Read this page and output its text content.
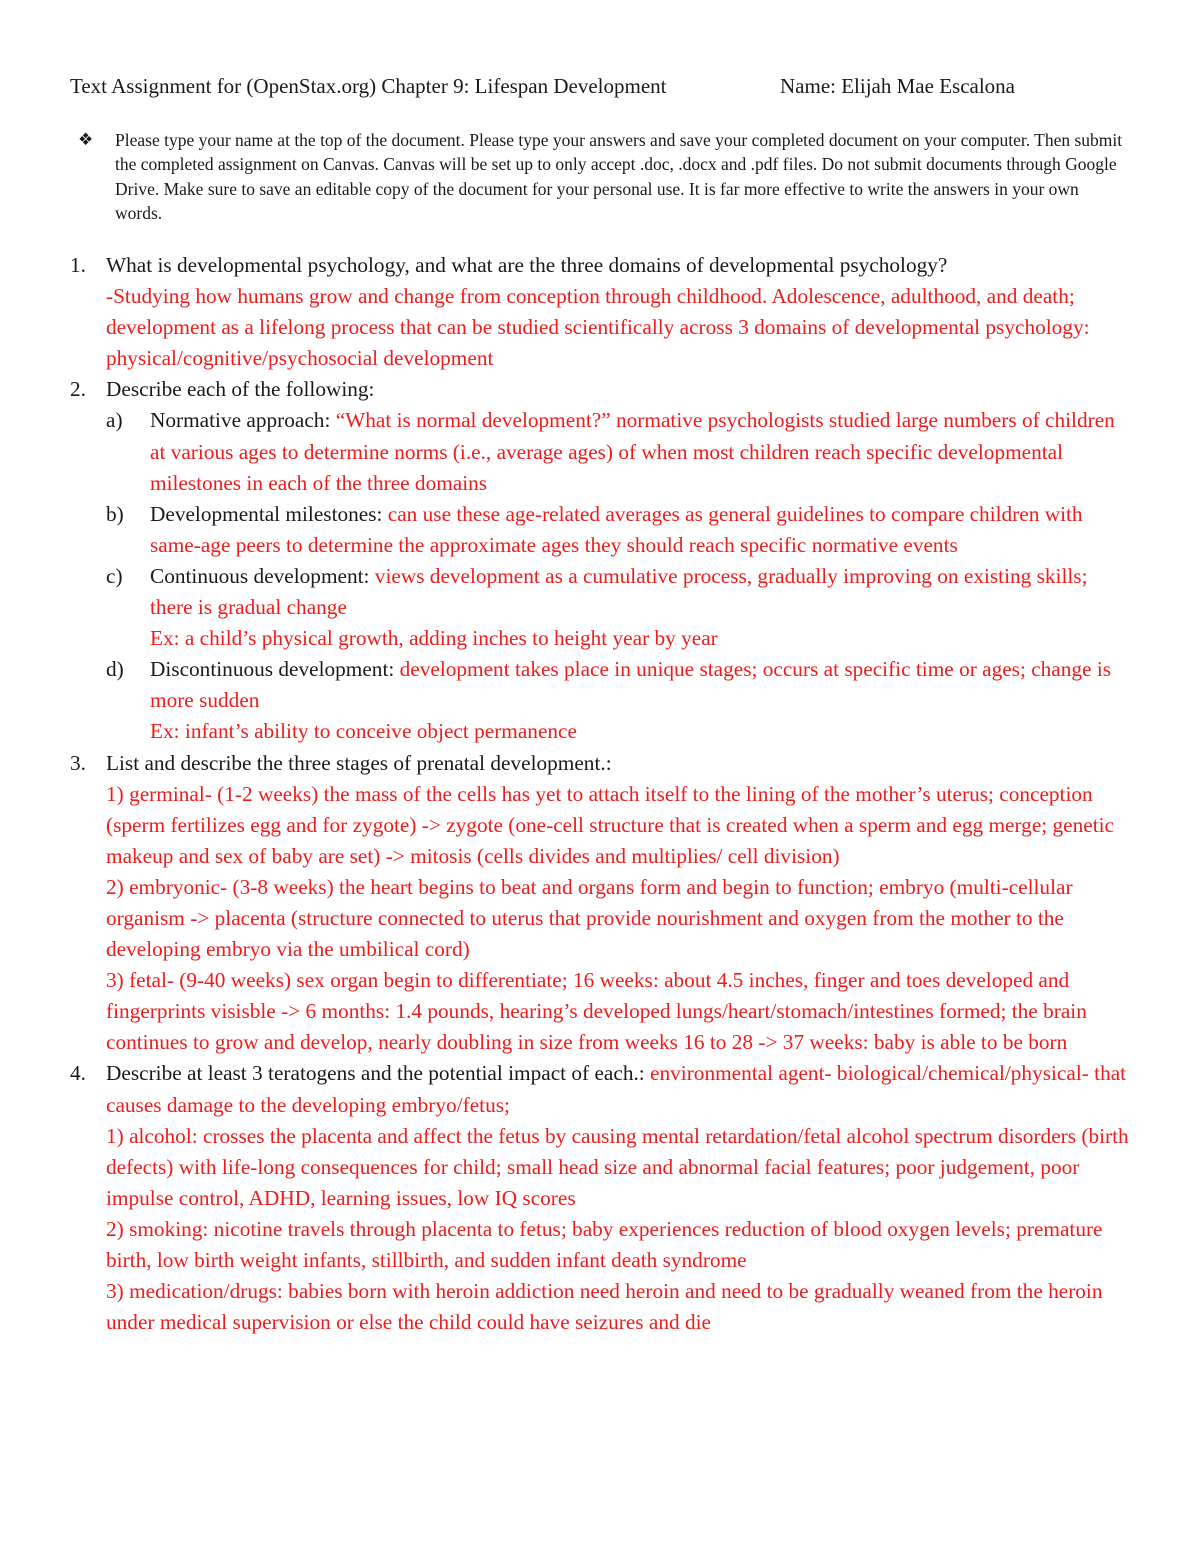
Text Assignment for (OpenStax.org) Chapter 9: Lifespan Development	Name: Elijah Mae Escalona
❖ Please type your name at the top of the document. Please type your answers and save your completed document on your computer. Then submit the completed assignment on Canvas. Canvas will be set up to only accept .doc, .docx and .pdf files. Do not submit documents through Google Drive. Make sure to save an editable copy of the document for your personal use. It is far more effective to write the answers in your own words.
1. What is developmental psychology, and what are the three domains of developmental psychology?
-Studying how humans grow and change from conception through childhood. Adolescence, adulthood, and death; development as a lifelong process that can be studied scientifically across 3 domains of developmental psychology: physical/cognitive/psychosocial development
2. Describe each of the following:
a) Normative approach: “What is normal development?” normative psychologists studied large numbers of children at various ages to determine norms (i.e., average ages) of when most children reach specific developmental milestones in each of the three domains
b) Developmental milestones: can use these age-related averages as general guidelines to compare children with same-age peers to determine the approximate ages they should reach specific normative events
c) Continuous development: views development as a cumulative process, gradually improving on existing skills; there is gradual change
Ex: a child’s physical growth, adding inches to height year by year
d) Discontinuous development: development takes place in unique stages; occurs at specific time or ages; change is more sudden
Ex: infant’s ability to conceive object permanence
3. List and describe the three stages of prenatal development.:
1) germinal- (1-2 weeks) the mass of the cells has yet to attach itself to the lining of the mother’s uterus; conception (sperm fertilizes egg and for zygote) -> zygote (one-cell structure that is created when a sperm and egg merge; genetic makeup and sex of baby are set) -> mitosis (cells divides and multiplies/ cell division)
2) embryonic- (3-8 weeks) the heart begins to beat and organs form and begin to function; embryo (multi-cellular organism -> placenta (structure connected to uterus that provide nourishment and oxygen from the mother to the developing embryo via the umbilical cord)
3) fetal- (9-40 weeks) sex organ begin to differentiate; 16 weeks: about 4.5 inches, finger and toes developed and fingerprints visisble -> 6 months: 1.4 pounds, hearing’s developed lungs/heart/stomach/intestines formed; the brain continues to grow and develop, nearly doubling in size from weeks 16 to 28 -> 37 weeks: baby is able to be born
4. Describe at least 3 teratogens and the potential impact of each.: environmental agent- biological/chemical/physical- that causes damage to the developing embryo/fetus;
1) alcohol: crosses the placenta and affect the fetus by causing mental retardation/fetal alcohol spectrum disorders (birth defects) with life-long consequences for child; small head size and abnormal facial features; poor judgement, poor impulse control, ADHD, learning issues, low IQ scores
2) smoking: nicotine travels through placenta to fetus; baby experiences reduction of blood oxygen levels; premature birth, low birth weight infants, stillbirth, and sudden infant death syndrome
3) medication/drugs: babies born with heroin addiction need heroin and need to be gradually weaned from the heroin under medical supervision or else the child could have seizures and die
